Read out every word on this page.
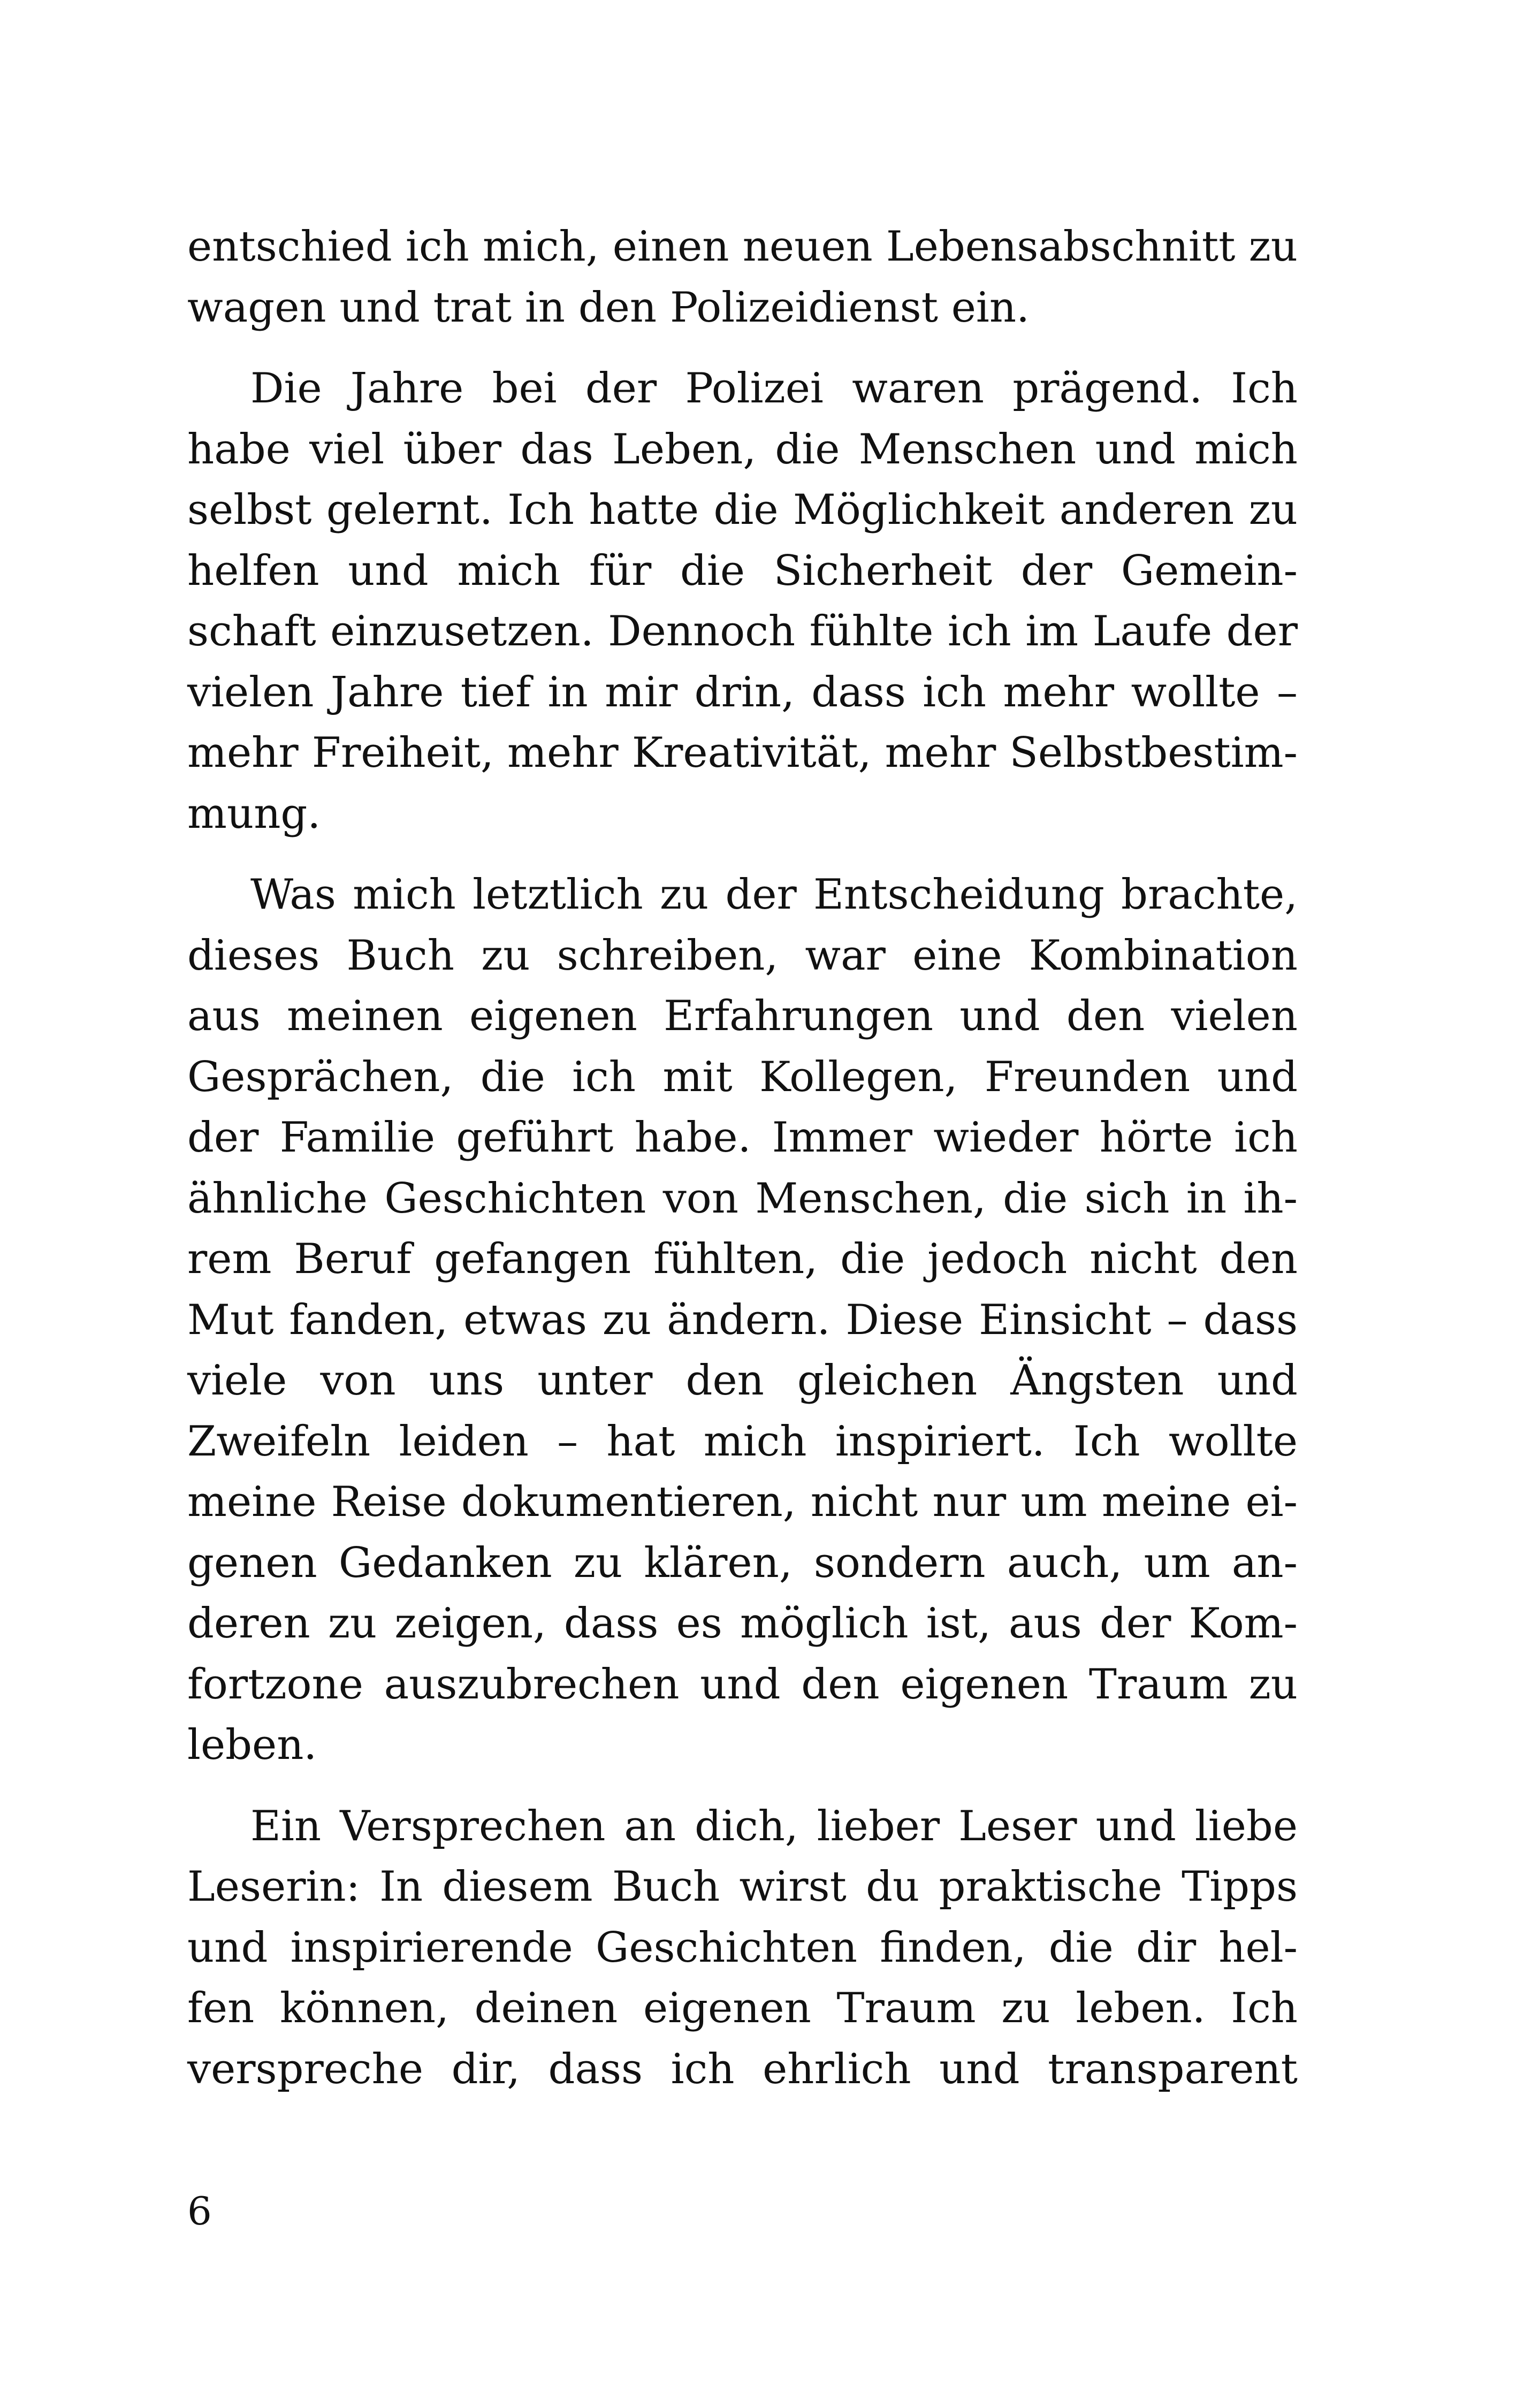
entschied ich mich, einen neuen Lebensabschnitt zu
wagen und trat in den Polizeidienst ein.
Die Jahre bei der Polizei waren prägend. Ich
habe viel über das Leben, die Menschen und mich
selbst gelernt. Ich hatte die Möglichkeit anderen zu
helfen und mich für die Sicherheit der Gemein-
schaft einzusetzen. Dennoch fühlte ich im Laufe der
vielen Jahre tief in mir drin, dass ich mehr wollte –
mehr Freiheit, mehr Kreativität, mehr Selbstbestim-
mung.
Was mich letztlich zu der Entscheidung brachte,
dieses Buch zu schreiben, war eine Kombination
aus meinen eigenen Erfahrungen und den vielen
Gesprächen, die ich mit Kollegen, Freunden und
der Familie geführt habe. Immer wieder hörte ich
ähnliche Geschichten von Menschen, die sich in ih-
rem Beruf gefangen fühlten, die jedoch nicht den
Mut fanden, etwas zu ändern. Diese Einsicht – dass
viele von uns unter den gleichen Ängsten und
Zweifeln leiden – hat mich inspiriert. Ich wollte
meine Reise dokumentieren, nicht nur um meine ei-
genen Gedanken zu klären, sondern auch, um an-
deren zu zeigen, dass es möglich ist, aus der Kom-
fortzone auszubrechen und den eigenen Traum zu
leben.
Ein Versprechen an dich, lieber Leser und liebe
Leserin: In diesem Buch wirst du praktische Tipps
und inspirierende Geschichten finden, die dir hel-
fen können, deinen eigenen Traum zu leben. Ich
verspreche dir, dass ich ehrlich und transparent
6
